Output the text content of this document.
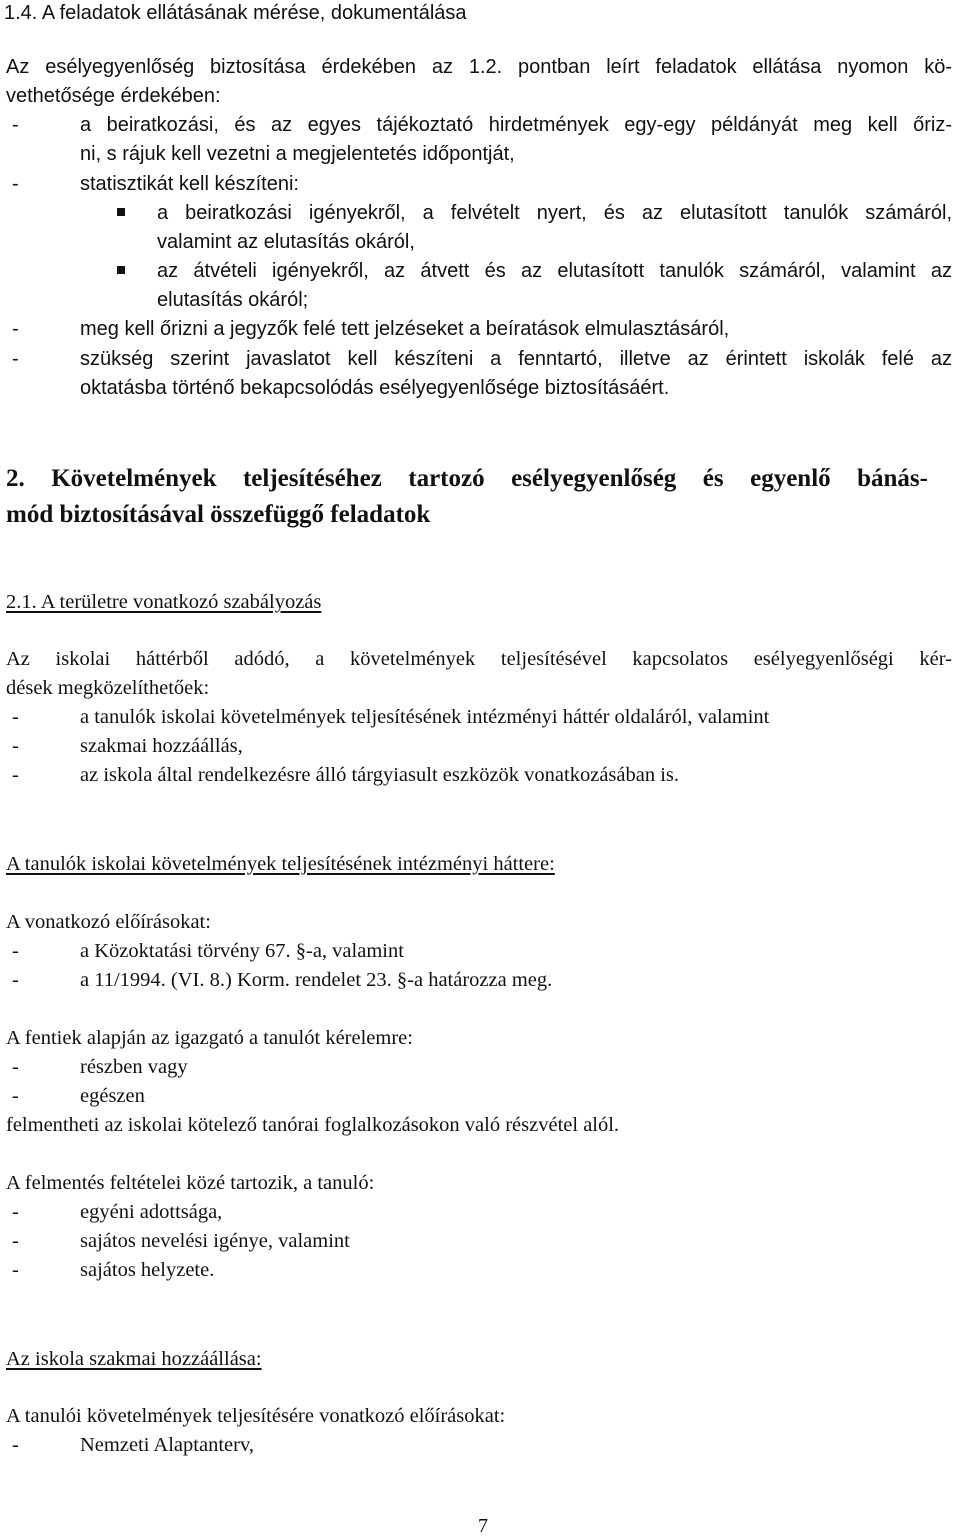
1.4. A feladatok ellátásának mérése, dokumentálása
Az esélyegyenlőség biztosítása érdekében az 1.2. pontban leírt feladatok ellátása nyomon kö-
vethetősége érdekében:
-	a beiratkozási, és az egyes tájékoztató hirdetmények egy-egy példányát meg kell őriz-
ni, s rájuk kell vezetni a megjelentetés időpontját,
-	statisztikát kell készíteni:
a beiratkozási igényekről, a felvételt nyert, és az elutasított tanulók számáról,
valamint az elutasítás okáról,
az átvételi igényekről, az átvett és az elutasított tanulók számáról, valamint az
elutasítás okáról;
-	meg kell őrizni a jegyzők felé tett jelzéseket a beíratások elmulasztásáról,
-	szükség szerint javaslatot kell készíteni a fenntartó, illetve az érintett iskolák felé az
oktatásba történő bekapcsolódás esélyegyenlősége biztosításáért.
2. Követelmények teljesítéséhez tartozó esélyegyenlőség és egyenlő bánás-
mód biztosításával összefüggő feladatok
2.1. A területre vonatkozó szabályozás
Az iskolai háttérből adódó, a követelmények teljesítésével kapcsolatos esélyegyenlőségi kér-
dések megközelíthetőek:
-	a tanulók iskolai követelmények teljesítésének intézményi háttér oldaláról, valamint
-	szakmai hozzáállás,
-	az iskola által rendelkezésre álló tárgyiasult eszközök vonatkozásában is.
A tanulók iskolai követelmények teljesítésének intézményi háttere:
A vonatkozó előírásokat:
-	a Közoktatási törvény 67. §-a, valamint
-	a 11/1994. (VI. 8.) Korm. rendelet 23. §-a határozza meg.
A fentiek alapján az igazgató a tanulót kérelemre:
-	részben vagy
-	egészen
felmentheti az iskolai kötelező tanórai foglalkozásokon való részvétel alól.
A felmentés feltételei közé tartozik, a tanuló:
-	egyéni adottsága,
-	sajátos nevelési igénye, valamint
-	sajátos helyzete.
Az iskola szakmai hozzáállása:
A tanulói követelmények teljesítésére vonatkozó előírásokat:
-	Nemzeti Alaptanterv,
7
